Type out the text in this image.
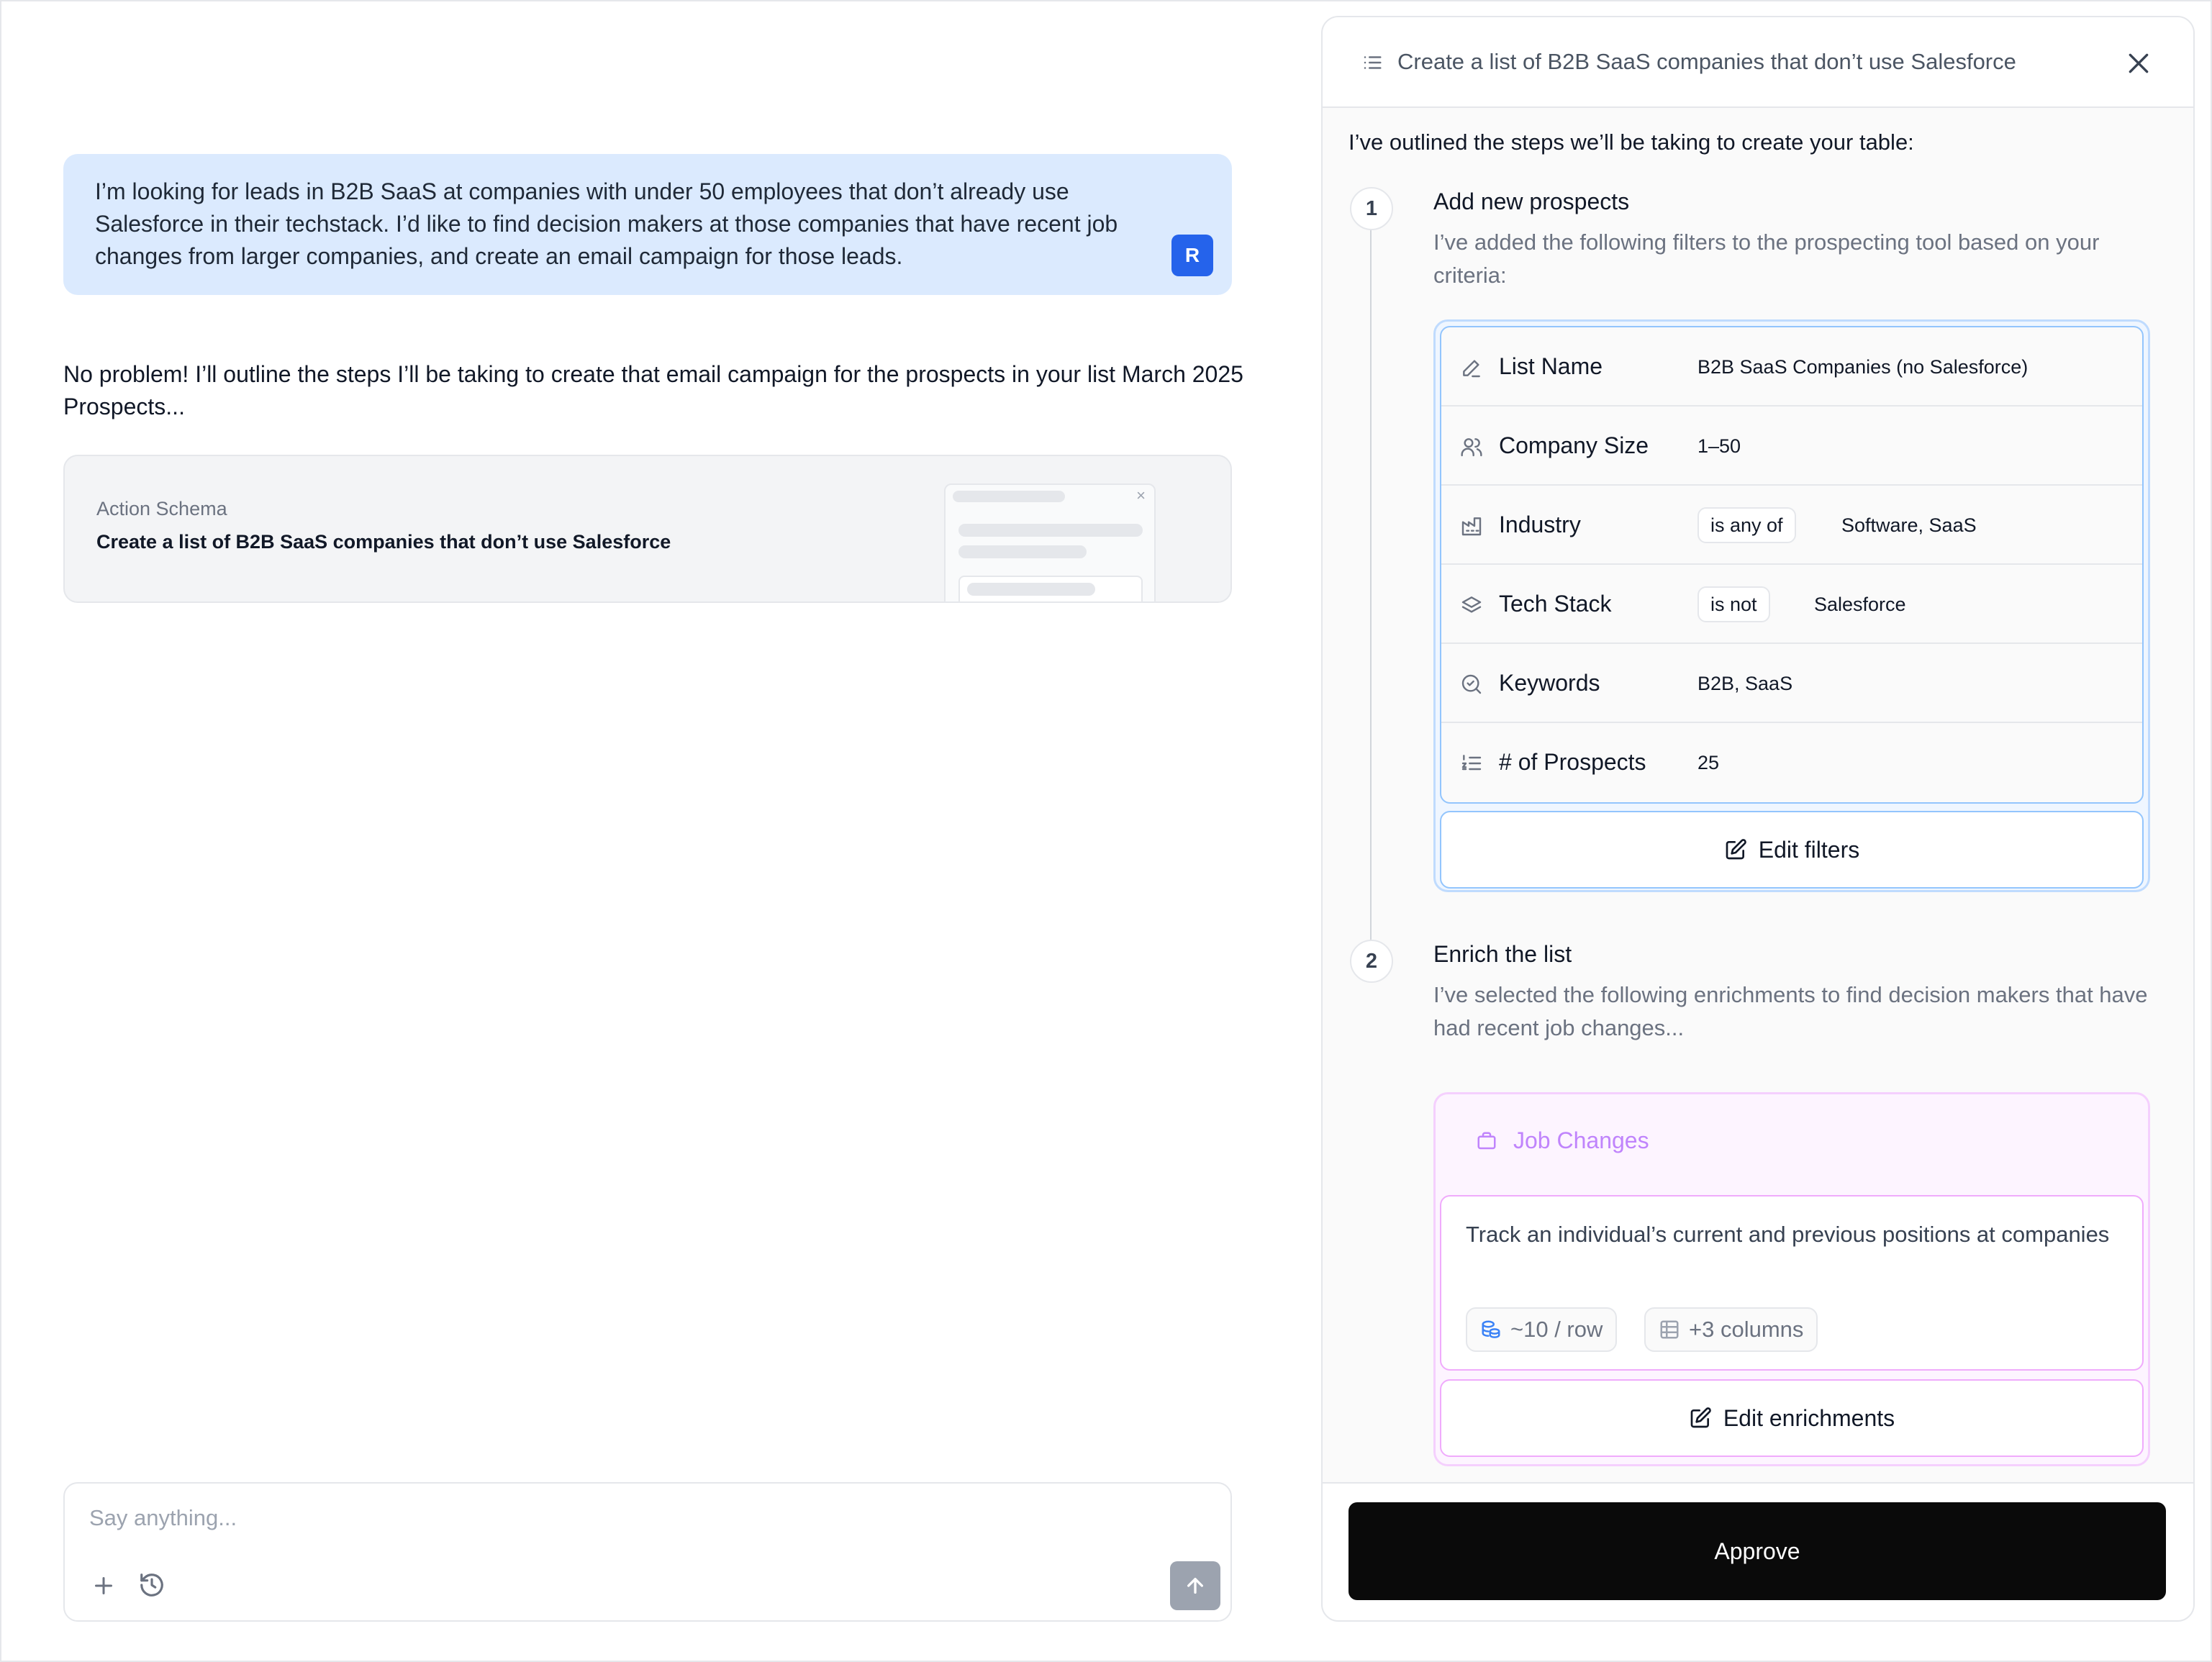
I’m looking for leads in B2B SaaS at companies with under 50 employees that don’t already use Salesforce in their techstack. I’d like to find decision makers at those companies that have recent job changes from larger companies, and create an email campaign for those leads.	R
No problem! I’ll outline the steps I’ll be taking to create that email campaign for the prospects in your list March 2025 Prospects...
Action Schema
Create a list of B2B SaaS companies that don’t use Salesforce
×
Say anything...
Create a list of B2B SaaS companies that don’t use Salesforce
I’ve outlined the steps we’ll be taking to create your table:
1	Add new prospects
I’ve added the following filters to the prospecting tool based on your criteria:
List Name	B2B SaaS Companies (no Salesforce)
Company Size	1–50
Industry	is any of	Software, SaaS
Tech Stack	is not	Salesforce
Keywords	B2B, SaaS
# of Prospects	25
Edit filters
2	Enrich the list
I’ve selected the following enrichments to find decision makers that have had recent job changes...
Job Changes
Track an individual’s current and previous positions at companies
~10 / row	+3 columns
Edit enrichments
Approve
